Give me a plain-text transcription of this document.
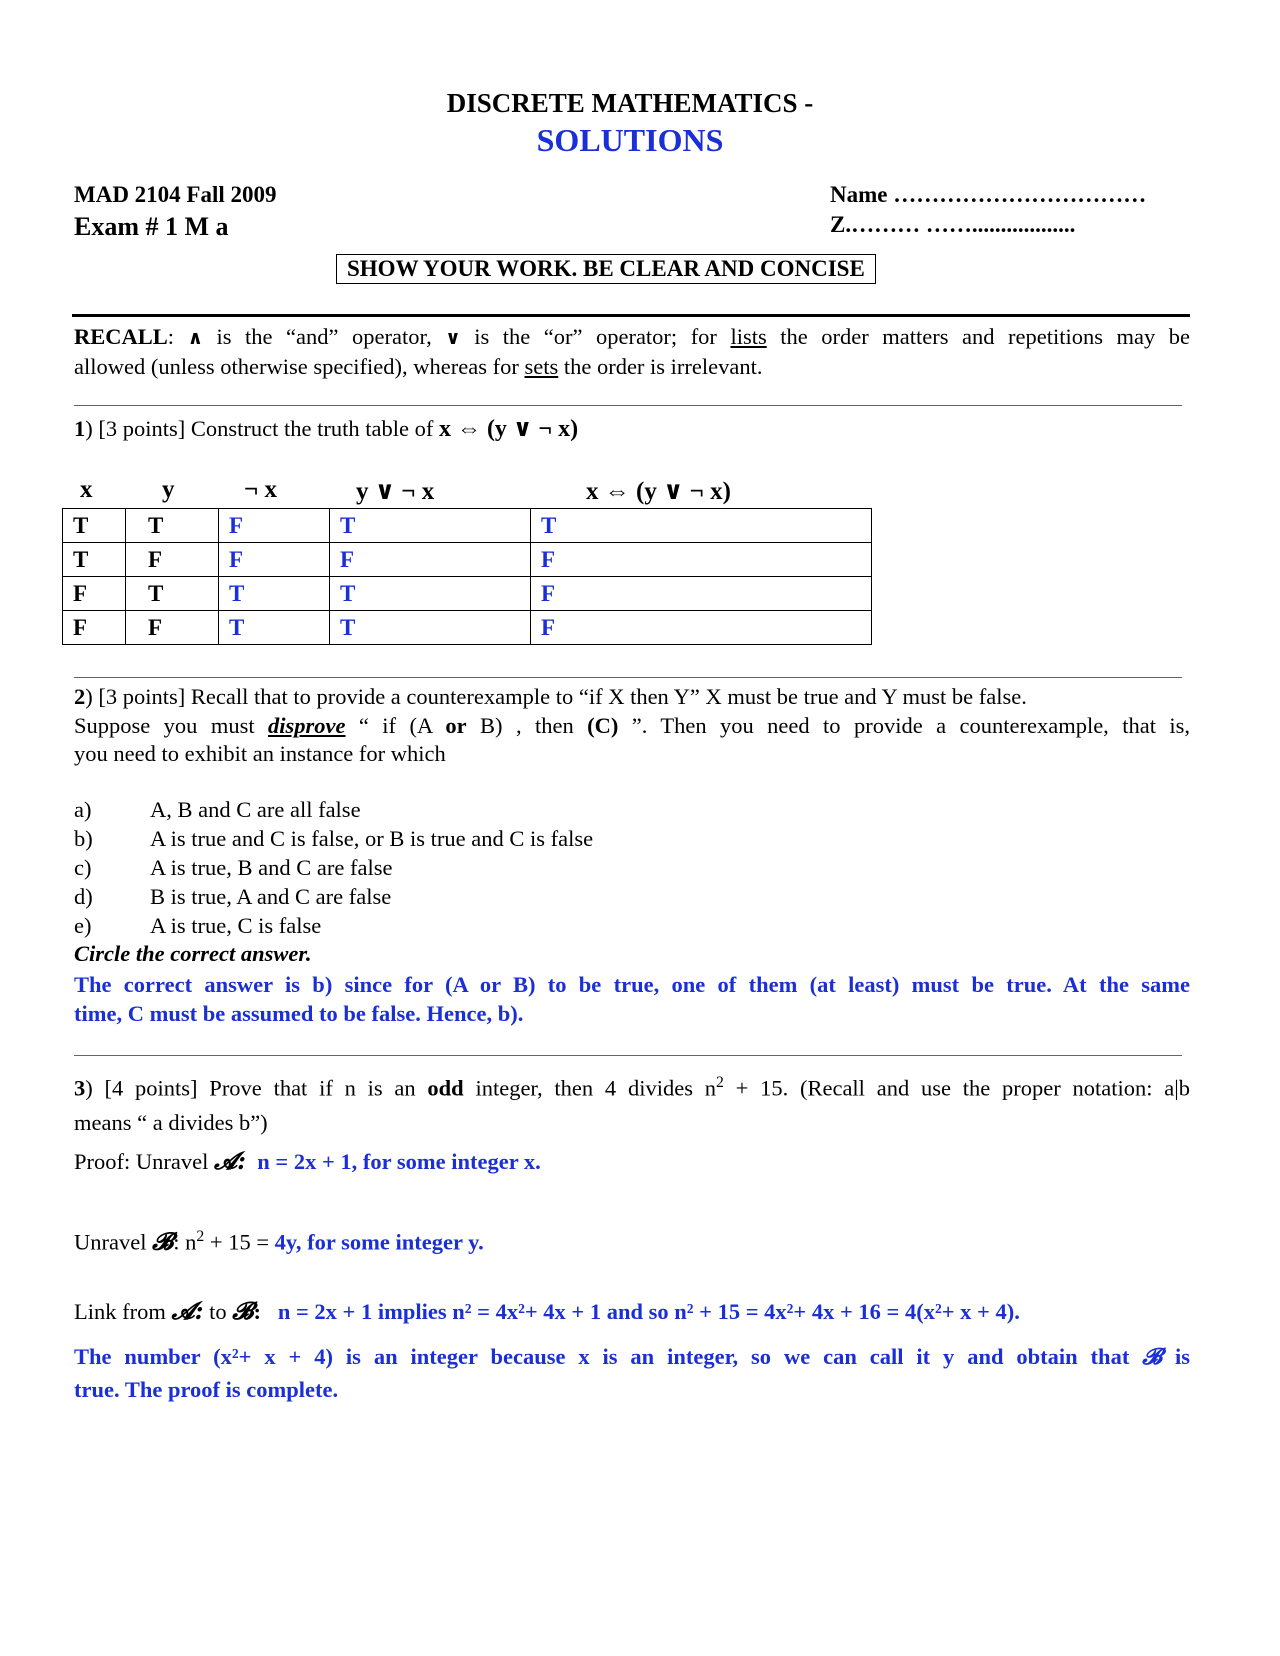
DISCRETE MATHEMATICS -
SOLUTIONS
MAD 2104 Fall 2009
Exam # 1 M a
Name ……………………………
Z.……… ……..................
SHOW YOUR WORK. BE CLEAR AND CONCISE
RECALL: ∧ is the “and” operator, ∨ is the “or” operator; for lists the order matters and repetitions may be
allowed (unless otherwise specified), whereas for sets the order is irrelevant.
1) [3 points] Construct the truth table of x ⇔ (y ∨ ¬ x)
x	y	¬ x	y ∨ ¬ x	x ⇔ (y ∨ ¬ x)
T	T	F	T	T
T	F	F	F	F
F	T	T	T	F
F	F	T	T	F
2) [3 points] Recall that to provide a counterexample to “if X then Y” X must be true and Y must be false.
Suppose you must disprove “ if (A or B) , then (C) ”. Then you need to provide a counterexample, that is,
you need to exhibit an instance for which
a)	A, B and C are all false
b)	A is true and C is false, or B is true and C is false
c)	A is true, B and C are false
d)	B is true, A and C are false
e)	A is true, C is false
Circle the correct answer.
The correct answer is b) since for (A or B) to be true, one of them (at least) must be true. At the same
time, C must be assumed to be false. Hence, b).
3) [4 points] Prove that if n is an odd integer, then 4 divides $n^2 + 15$. (Recall and use the proper notation: a|b
means “ a divides b”)
Proof: Unravel 𝓐: n = 2x + 1, for some integer x.
Unravel 𝓑: $n^2 + 15 = 4y$, for some integer y.
Link from 𝓐: to 𝓑: n = 2x + 1 implies n² = 4x²+ 4x + 1 and so n² + 15 = 4x²+ 4x + 16 = 4(x²+ x + 4).
The number (x²+ x + 4) is an integer because x is an integer, so we can call it y and obtain that 𝓑 is
true. The proof is complete.
